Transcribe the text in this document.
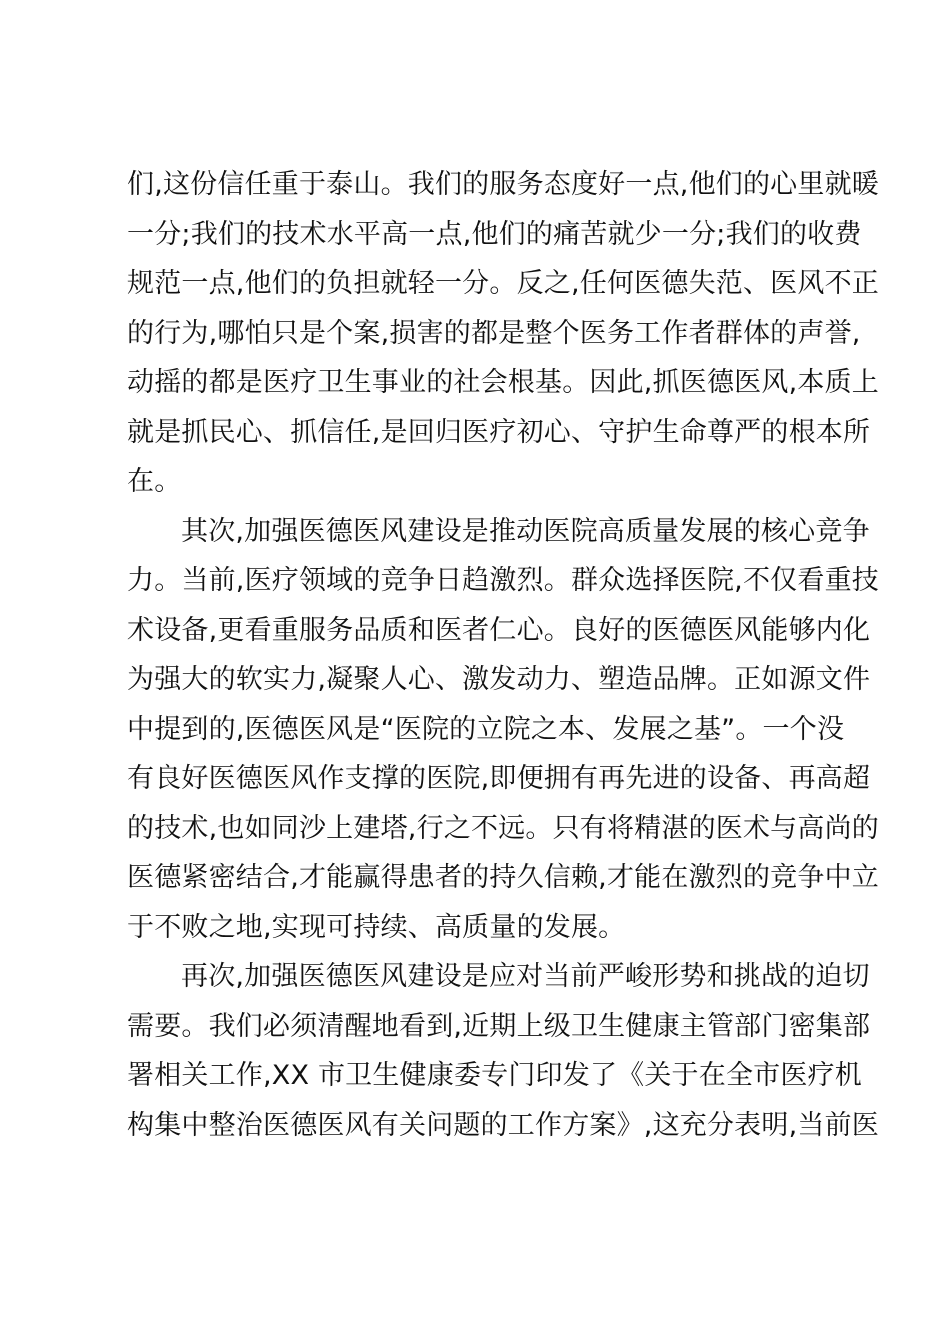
们,这份信任重于泰山。我们的服务态度好一点,他们的心里就暖
一分;我们的技术水平高一点,他们的痛苦就少一分;我们的收费
规范一点,他们的负担就轻一分。反之,任何医德失范、医风不正
的行为,哪怕只是个案,损害的都是整个医务工作者群体的声誉,
动摇的都是医疗卫生事业的社会根基。因此,抓医德医风,本质上
就是抓民心、抓信任,是回归医疗初心、守护生命尊严的根本所
在。
其次,加强医德医风建设是推动医院高质量发展的核心竞争
力。当前,医疗领域的竞争日趋激烈。群众选择医院,不仅看重技
术设备,更看重服务品质和医者仁心。良好的医德医风能够内化
为强大的软实力,凝聚人心、激发动力、塑造品牌。正如源文件
中提到的,医德医风是“医院的立院之本、发展之基”。一个没
有良好医德医风作支撑的医院,即便拥有再先进的设备、再高超
的技术,也如同沙上建塔,行之不远。只有将精湛的医术与高尚的
医德紧密结合,才能赢得患者的持久信赖,才能在激烈的竞争中立
于不败之地,实现可持续、高质量的发展。
再次,加强医德医风建设是应对当前严峻形势和挑战的迫切
需要。我们必须清醒地看到,近期上级卫生健康主管部门密集部
署相关工作,XX 市卫生健康委专门印发了《关于在全市医疗机
构集中整治医德医风有关问题的工作方案》,这充分表明,当前医
